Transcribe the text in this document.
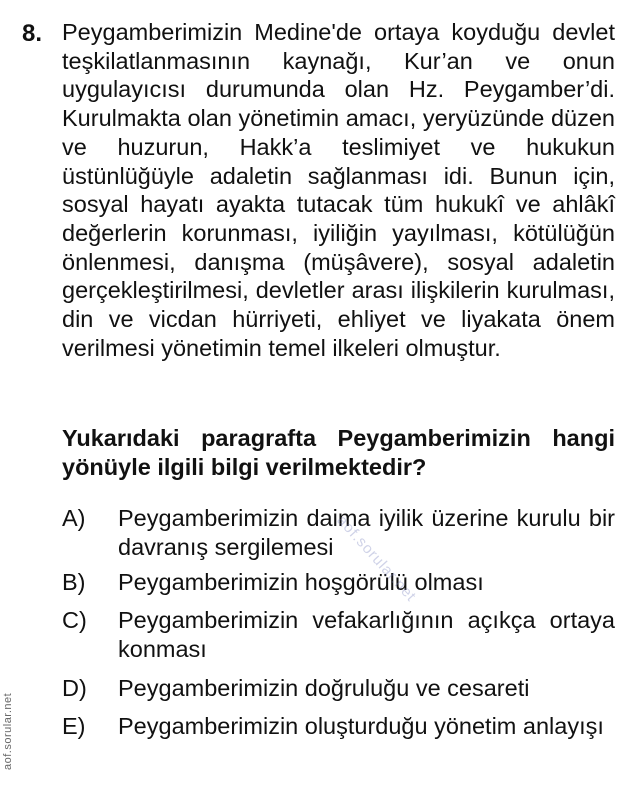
8. Peygamberimizin Medine'de ortaya koyduğu devlet teşkilatlanmasının kaynağı, Kur’an ve onun uygulayıcısı durumunda olan Hz. Peygamber’di. Kurulmakta olan yönetimin amacı, yeryüzünde düzen ve huzurun, Hakk’a teslimiyet ve hukukun üstünlüğüyle adaletin sağlanması idi. Bunun için, sosyal hayatı ayakta tutacak tüm hukukî ve ahlâkî değerlerin korunması, iyiliğin yayılması, kötülüğün önlenmesi, danışma (müşâvere), sosyal adaletin gerçekleştirilmesi, devletler arası ilişkilerin kurulması, din ve vicdan hürriyeti, ehliyet ve liyakata önem verilmesi yönetimin temel ilkeleri olmuştur.

Yukarıdaki paragrafta Peygamberimizin hangi yönüyle ilgili bilgi verilmektedir?

A)	Peygamberimizin daima iyilik üzerine kurulu bir davranış sergilemesi
B)	Peygamberimizin hoşgörülü olması
C)	Peygamberimizin vefakarlığının açıkça ortaya konması
D)	Peygamberimizin doğruluğu ve cesareti
E)	Peygamberimizin oluşturduğu yönetim anlayışı
aof.sorular.net
aof.sorular.net
